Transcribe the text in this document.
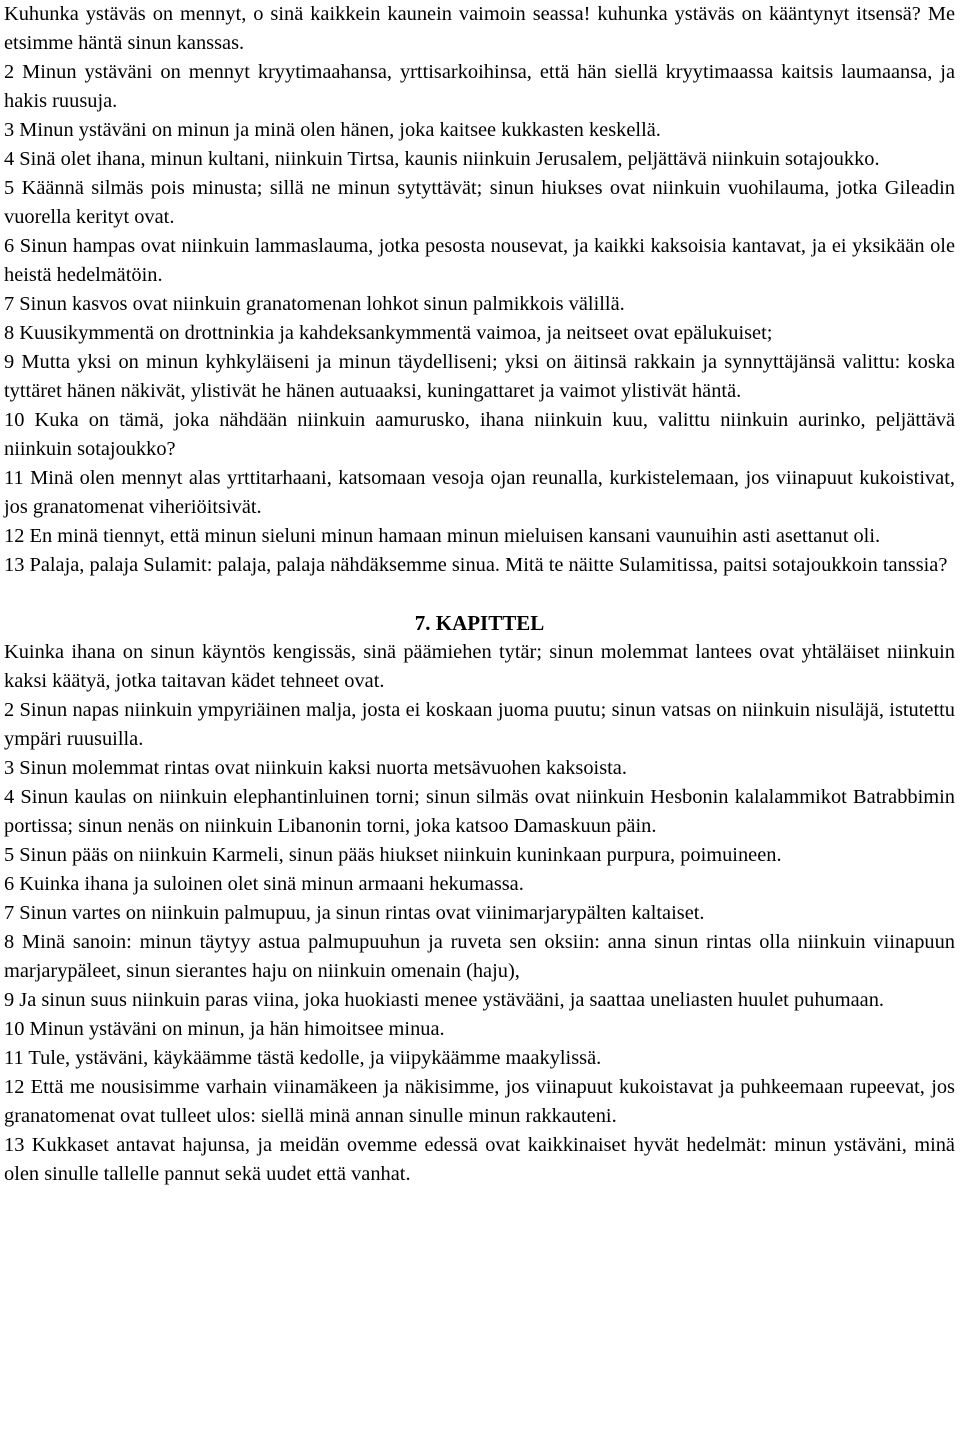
Kuhunka ystäväs on mennyt, o sinä kaikkein kaunein vaimoin seassa! kuhunka ystäväs on kääntynyt itsensä? Me etsimme häntä sinun kanssas.

2 Minun ystäväni on mennyt kryytimaahansa, yrttisarkoihinsa, että hän siellä kryytimaassa kaitsis laumaansa, ja hakis ruusuja.

3 Minun ystäväni on minun ja minä olen hänen, joka kaitsee kukkasten keskellä.

4 Sinä olet ihana, minun kultani, niinkuin Tirtsa, kaunis niinkuin Jerusalem, peljättävä niinkuin sotajoukko.

5 Käännä silmäs pois minusta; sillä ne minun sytyttävät; sinun hiukses ovat niinkuin vuohilauma, jotka Gileadin vuorella kerityt ovat.

6 Sinun hampas ovat niinkuin lammaslauma, jotka pesosta nousevat, ja kaikki kaksoisia kantavat, ja ei yksikään ole heistä hedelmätöin.

7 Sinun kasvos ovat niinkuin granatomenan lohkot sinun palmikkois välillä.

8 Kuusikymmentä on drottninkia ja kahdeksankymmentä vaimoa, ja neitseet ovat epälukuiset;

9 Mutta yksi on minun kyhkyläiseni ja minun täydelliseni; yksi on äitinsä rakkain ja synnyttäjänsä valittu: koska tyttäret hänen näkivät, ylistivät he hänen autuaaksi, kuningattaret ja vaimot ylistivät häntä.

10 Kuka on tämä, joka nähdään niinkuin aamurusko, ihana niinkuin kuu, valittu niinkuin aurinko, peljättävä niinkuin sotajoukko?

11 Minä olen mennyt alas yrttitarhaani, katsomaan vesoja ojan reunalla, kurkistelemaan, jos viinapuut kukoistivat, jos granatomenat viheriöitsivät.

12 En minä tiennyt, että minun sieluni minun hamaan minun mieluisen kansani vaunuihin asti asettanut oli.

13 Palaja, palaja Sulamit: palaja, palaja nähdäksemme sinua. Mitä te näitte Sulamitissa, paitsi sotajoukkoin tanssia?

7. KAPITTEL

Kuinka ihana on sinun käyntös kengissäs, sinä päämiehen tytär; sinun molemmat lantees ovat yhtäläiset niinkuin kaksi käätyä, jotka taitavan kädet tehneet ovat.

2 Sinun napas niinkuin ympyriäinen malja, josta ei koskaan juoma puutu; sinun vatsas on niinkuin nisuläjä, istutettu ympäri ruusuilla.

3 Sinun molemmat rintas ovat niinkuin kaksi nuorta metsävuohen kaksoista.

4 Sinun kaulas on niinkuin elephantinluinen torni; sinun silmäs ovat niinkuin Hesbonin kalalammikot Batrabbimin portissa; sinun nenäs on niinkuin Libanonin torni, joka katsoo Damaskuun päin.

5 Sinun pääs on niinkuin Karmeli, sinun pääs hiukset niinkuin kuninkaan purpura, poimuineen.

6 Kuinka ihana ja suloinen olet sinä minun armaani hekumassa.

7 Sinun vartes on niinkuin palmupuu, ja sinun rintas ovat viinimarjarypälten kaltaiset.

8 Minä sanoin: minun täytyy astua palmupuuhun ja ruveta sen oksiin: anna sinun rintas olla niinkuin viinapuun marjarypäleet, sinun sierantes haju on niinkuin omenain (haju),

9 Ja sinun suus niinkuin paras viina, joka huokiasti menee ystävääni, ja saattaa uneliasten huulet puhumaan.

10 Minun ystäväni on minun, ja hän himoitsee minua.

11 Tule, ystäväni, käykäämme tästä kedolle, ja viipykäämme maakylissä.

12 Että me nousisimme varhain viinamäkeen ja näkisimme, jos viinapuut kukoistavat ja puhkeemaan rupeevat, jos granatomenat ovat tulleet ulos: siellä minä annan sinulle minun rakkauteni.

13 Kukkaset antavat hajunsa, ja meidän ovemme edessä ovat kaikkinaiset hyvät hedelmät: minun ystäväni, minä olen sinulle tallelle pannut sekä uudet että vanhat.
